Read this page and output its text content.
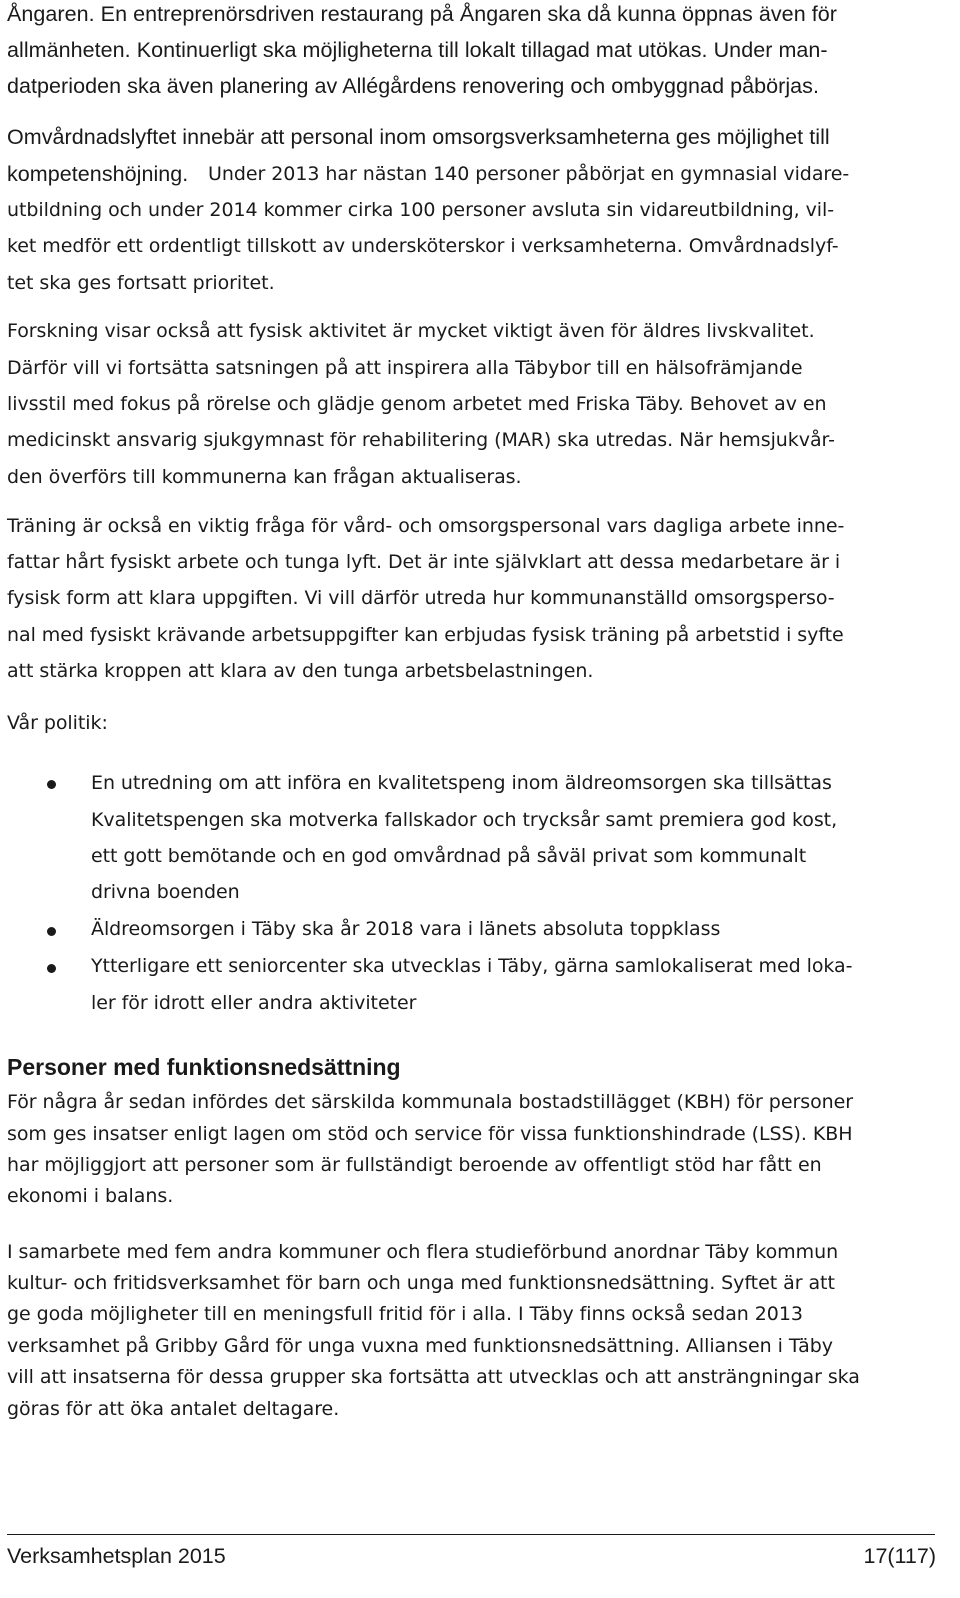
Ångaren. En entreprenörsdriven restaurang på Ångaren ska då kunna öppnas även för
allmänheten. Kontinuerligt ska möjligheterna till lokalt tillagad mat utökas. Under man-
datperioden ska även planering av Allégårdens renovering och ombyggnad påbörjas.
Omvårdnadslyftet innebär att personal inom omsorgsverksamheterna ges möjlighet till
kompetenshöjning. Under 2013 har nästan 140 personer påbörjat en gymnasial vidare-
utbildning och under 2014 kommer cirka 100 personer avsluta sin vidareutbildning, vil-
ket medför ett ordentligt tillskott av undersköterskor i verksamheterna. Omvårdnadslyf-
tet ska ges fortsatt prioritet.
Forskning visar också att fysisk aktivitet är mycket viktigt även för äldres livskvalitet.
Därför vill vi fortsätta satsningen på att inspirera alla Täbybor till en hälsofrämjande
livsstil med fokus på rörelse och glädje genom arbetet med Friska Täby. Behovet av en
medicinskt ansvarig sjukgymnast för rehabilitering (MAR) ska utredas. När hemsjukvår-
den överförs till kommunerna kan frågan aktualiseras.
Träning är också en viktig fråga för vård- och omsorgspersonal vars dagliga arbete inne-
fattar hårt fysiskt arbete och tunga lyft. Det är inte självklart att dessa medarbetare är i
fysisk form att klara uppgiften. Vi vill därför utreda hur kommunanställd omsorgsperso-
nal med fysiskt krävande arbetsuppgifter kan erbjudas fysisk träning på arbetstid i syfte
att stärka kroppen att klara av den tunga arbetsbelastningen.
Vår politik:
En utredning om att införa en kvalitetspeng inom äldreomsorgen ska tillsättas
Kvalitetspengen ska motverka fallskador och trycksår samt premiera god kost,
ett gott bemötande och en god omvårdnad på såväl privat som kommunalt
drivna boenden
Äldreomsorgen i Täby ska år 2018 vara i länets absoluta toppklass
Ytterligare ett seniorcenter ska utvecklas i Täby, gärna samlokaliserat med loka-
ler för idrott eller andra aktiviteter
Personer med funktionsnedsättning
För några år sedan infördes det särskilda kommunala bostadstillägget (KBH) för personer
som ges insatser enligt lagen om stöd och service för vissa funktionshindrade (LSS). KBH
har möjliggjort att personer som är fullständigt beroende av offentligt stöd har fått en
ekonomi i balans.
I samarbete med fem andra kommuner och flera studieförbund anordnar Täby kommun
kultur- och fritidsverksamhet för barn och unga med funktionsnedsättning. Syftet är att
ge goda möjligheter till en meningsfull fritid för i alla. I Täby finns också sedan 2013
verksamhet på Gribby Gård för unga vuxna med funktionsnedsättning. Alliansen i Täby
vill att insatserna för dessa grupper ska fortsätta att utvecklas och att ansträngningar ska
göras för att öka antalet deltagare.
Verksamhetsplan 2015	17(117)
